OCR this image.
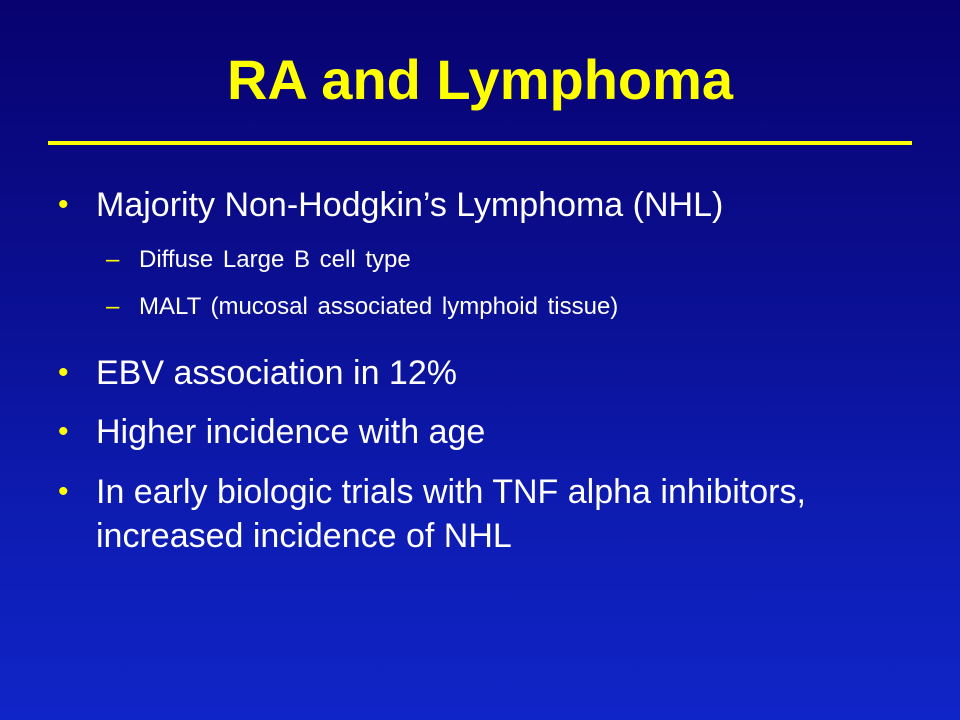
RA and Lymphoma
• Majority Non-Hodgkin’s Lymphoma (NHL)
– Diffuse Large B cell type
– MALT (mucosal associated lymphoid tissue)
• EBV association in 12%
• Higher incidence with age
• In early biologic trials with TNF alpha inhibitors, increased incidence of NHL
